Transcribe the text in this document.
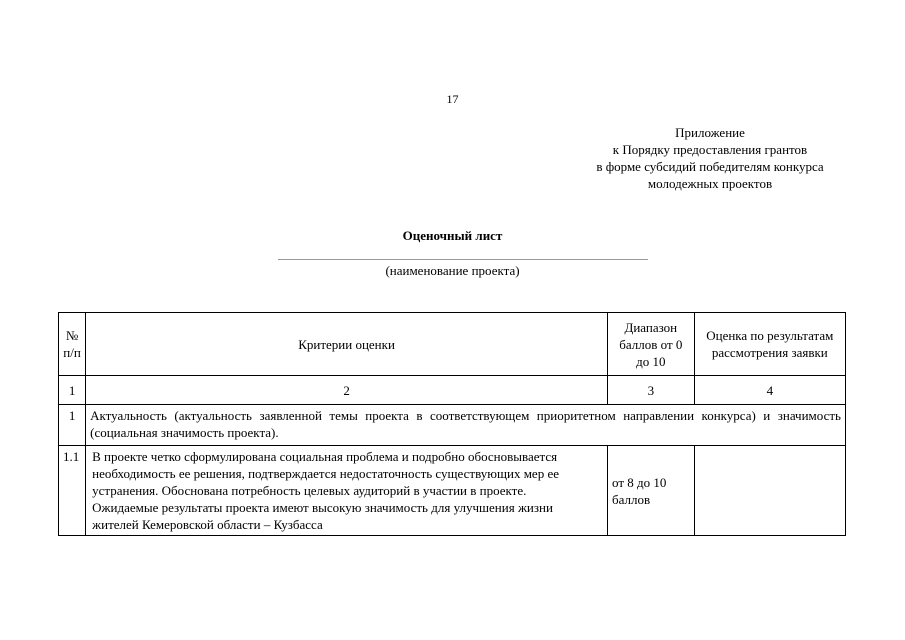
17
Приложение
к Порядку предоставления грантов
в форме субсидий победителям конкурса
молодежных проектов
Оценочный лист
(наименование проекта)
№ п/п	Критерии оценки	Диапазон баллов от 0 до 10	Оценка по результатам рассмотрения заявки
1	2	3	4
1	Актуальность (актуальность заявленной темы проекта в соответствующем приоритетном направлении конкурса) и значимость (социальная значимость проекта).		
1.1	В проекте четко сформулирована социальная проблема и подробно обосновывается необходимость ее решения, подтверждается недостаточность существующих мер ее устранения. Обоснована потребность целевых аудиторий в участии в проекте. Ожидаемые результаты проекта имеют высокую значимость для улучшения жизни жителей Кемеровской области – Кузбасса	от 8 до 10 баллов	
